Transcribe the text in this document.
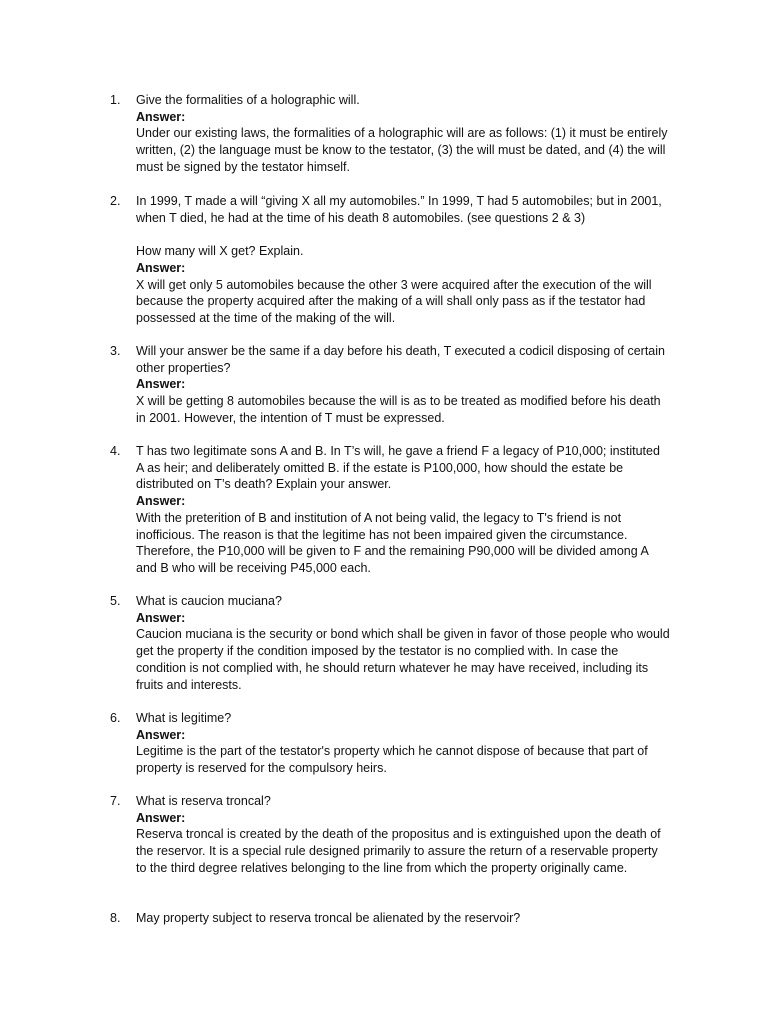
1.	Give the formalities of a holographic will.

Answer:

Under our existing laws, the formalities of a holographic will are as follows: (1) it must be entirely written, (2) the language must be know to the testator, (3) the will must be dated, and (4) the will must be signed by the testator himself.

2.	In 1999, T made a will “giving X all my automobiles.” In 1999, T had 5 automobiles; but in 2001, when T died, he had at the time of his death 8 automobiles. (see questions 2 & 3)

How many will X get? Explain.

Answer:

X will get only 5 automobiles because the other 3 were acquired after the execution of the will because the property acquired after the making of a will shall only pass as if the testator had possessed at the time of the making of the will.

3.	Will your answer be the same if a day before his death, T executed a codicil disposing of certain other properties?

Answer:

X will be getting 8 automobiles because the will is as to be treated as modified before his death in 2001. However, the intention of T must be expressed.

4.	T has two legitimate sons A and B. In T’s will, he gave a friend F a legacy of P10,000; instituted A as heir; and deliberately omitted B. if the estate is P100,000, how should the estate be distributed on T’s death? Explain your answer.

Answer:

With the preterition of B and institution of A not being valid, the legacy to T's friend is not inofficious. The reason is that the legitime has not been impaired given the circumstance. Therefore, the P10,000 will be given to F and the remaining P90,000 will be divided among A and B who will be receiving P45,000 each.

5.	What is caucion muciana?

Answer:

Caucion muciana is the security or bond which shall be given in favor of those people who would get the property if the condition imposed by the testator is no complied with. In case the condition is not complied with, he should return whatever he may have received, including its fruits and interests.

6.	What is legitime?

Answer:

Legitime is the part of the testator's property which he cannot dispose of because that part of property is reserved for the compulsory heirs.

7.	What is reserva troncal?

Answer:

Reserva troncal is created by the death of the propositus and is extinguished upon the death of the reservor. It is a special rule designed primarily to assure the return of a reservable property to the third degree relatives belonging to the line from which the property originally came.

8.	May property subject to reserva troncal be alienated by the reservoir?
